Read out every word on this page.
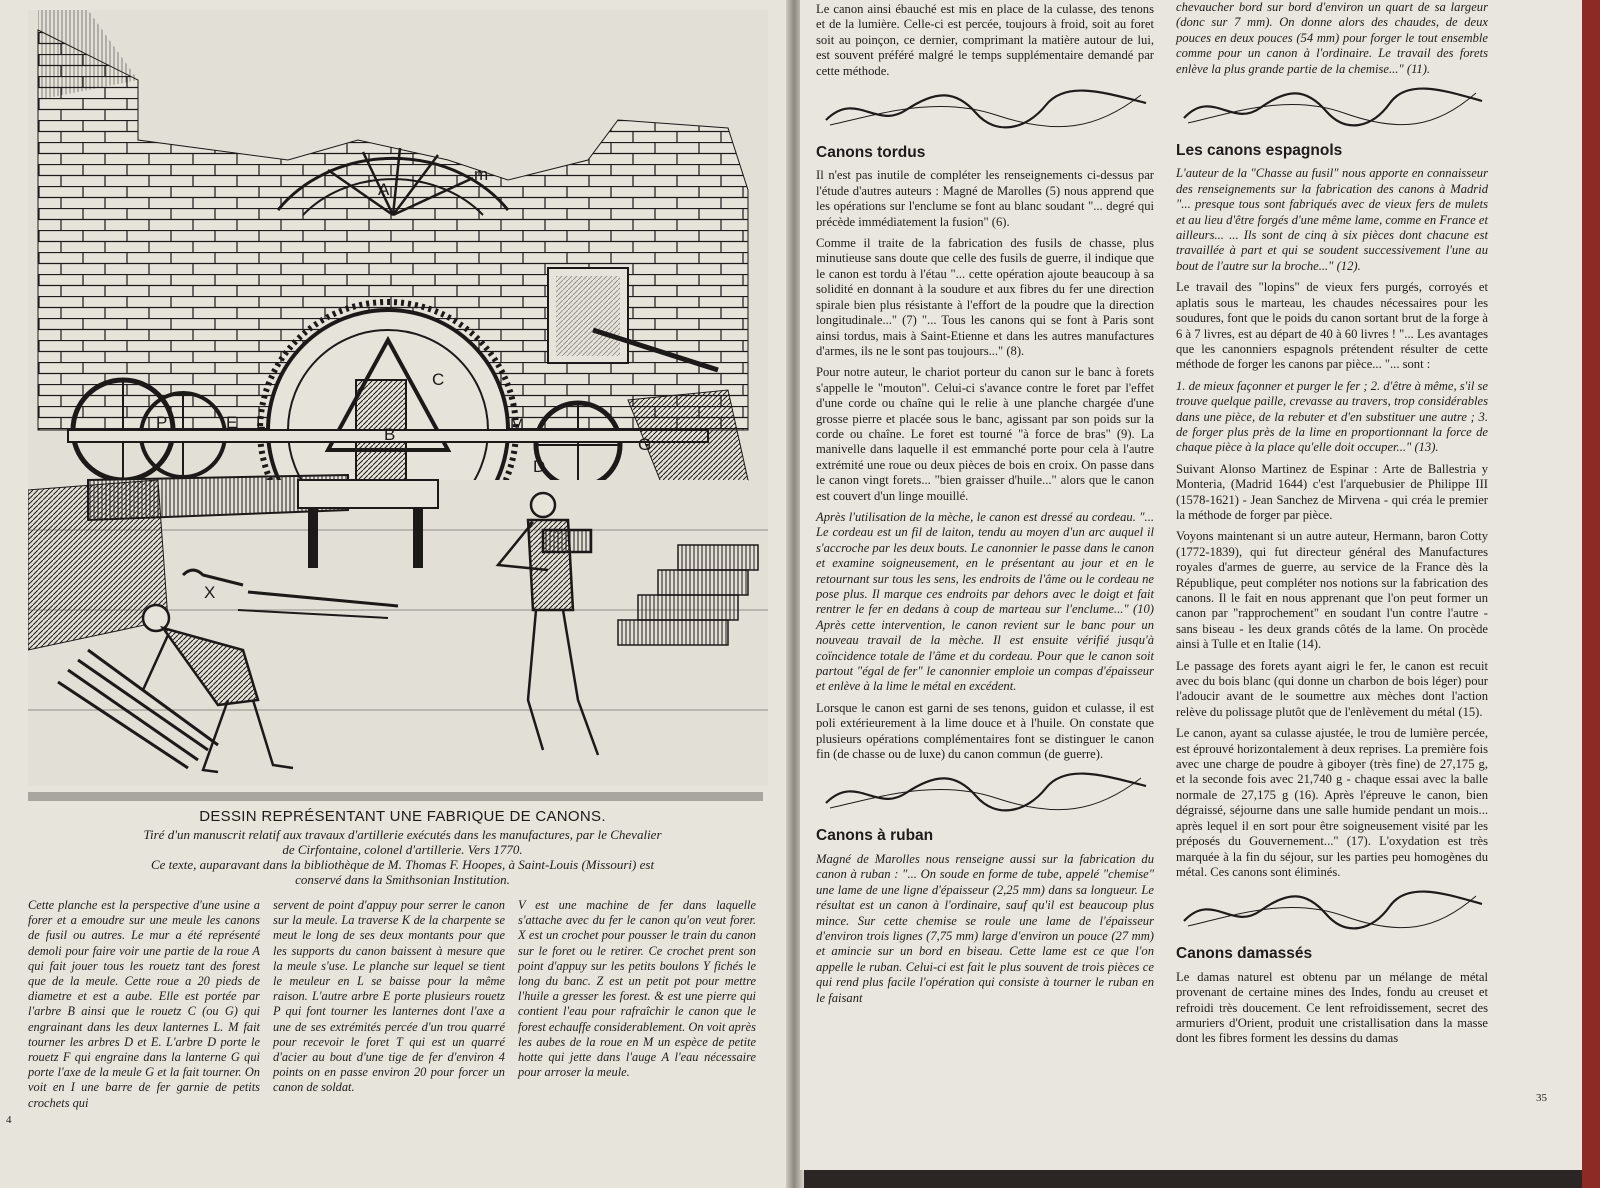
A
m
C
B
P	E L	M
D
G
X

DESSIN REPRÉSENTANT UNE FABRIQUE DE CANONS.

Tiré d'un manuscrit relatif aux travaux d'artillerie exécutés dans les manufactures, par le Chevalier

de Cirfontaine, colonel d'artillerie. Vers 1770.

Ce texte, auparavant dans la bibliothèque de M. Thomas F. Hoopes, à Saint-Louis (Missouri) est

conservé dans la Smithsonian Institution.

Cette planche est la perspective d'une usine a forer et a emoudre sur une meule les canons de fusil ou autres. Le mur a été représenté demoli pour faire voir une partie de la roue A qui fait jouer tous les rouetz tant des forest que de la meule. Cette roue a 20 pieds de diametre et est a aube. Elle est portée par l'arbre B ainsi que le rouetz C (ou G) qui engrainant dans les deux lanternes L. M fait tourner les arbres D et E. L'arbre D porte le rouetz F qui engraine dans la lanterne G qui porte l'axe de la meule G et la fait tourner. On voit en I une barre de fer garnie de petits crochets qui
servent de point d'appuy pour serrer le canon sur la meule. La traverse K de la charpente se meut le long de ses deux montants pour que les supports du canon baissent à mesure que la meule s'use. Le planche sur lequel se tient le meuleur en L se baisse pour la même raison. L'autre arbre E porte plusieurs rouetz P qui font tourner les lanternes dont l'axe a une de ses extrémités percée d'un trou quarré pour recevoir le foret T qui est un quarré d'acier au bout d'une tige de fer d'environ 4 points on en passe environ 20 pour forcer un canon de soldat.
V est une machine de fer dans laquelle s'attache avec du fer le canon qu'on veut forer. X est un crochet pour pousser le train du canon sur le foret ou le retirer. Ce crochet prent son point d'appuy sur les petits boulons Y fichés le long du banc. Z est un petit pot pour mettre l'huile a gresser les forest. & est une pierre qui contient l'eau pour rafraîchir le canon que le forest echauffe considerablement. On voit après les aubes de la roue en M un espèce de petite hotte qui jette dans l'auge A l'eau nécessaire pour arroser la meule.
4

Le canon ainsi ébauché est mis en place de la culasse, des tenons et de la lumière. Celle-ci est percée, toujours à froid, soit au foret soit au poinçon, ce dernier, comprimant la matière autour de lui, est souvent préféré malgré le temps supplémentaire demandé par cette méthode.

Canons tordus

Il n'est pas inutile de compléter les renseignements ci-dessus par l'étude d'autres auteurs : Magné de Marolles (5) nous apprend que les opérations sur l'enclume se font au blanc soudant "... degré qui précède immédiatement la fusion" (6).

Comme il traite de la fabrication des fusils de chasse, plus minutieuse sans doute que celle des fusils de guerre, il indique que le canon est tordu à l'étau "... cette opération ajoute beaucoup à sa solidité en donnant à la soudure et aux fibres du fer une direction spirale bien plus résistante à l'effort de la poudre que la direction longitudinale..." (7) "... Tous les canons qui se font à Paris sont ainsi tordus, mais à Saint-Etienne et dans les autres manufactures d'armes, ils ne le sont pas toujours..." (8).

Pour notre auteur, le chariot porteur du canon sur le banc à forets s'appelle le "mouton". Celui-ci s'avance contre le foret par l'effet d'une corde ou chaîne qui le relie à une planche chargée d'une grosse pierre et placée sous le banc, agissant par son poids sur la corde ou chaîne. Le foret est tourné "à force de bras" (9). La manivelle dans laquelle il est emmanché porte pour cela à l'autre extrémité une roue ou deux pièces de bois en croix. On passe dans le canon vingt forets... "bien graisser d'huile..." alors que le canon est couvert d'un linge mouillé.

Après l'utilisation de la mèche, le canon est dressé au cordeau. "... Le cordeau est un fil de laiton, tendu au moyen d'un arc auquel il s'accroche par les deux bouts. Le canonnier le passe dans le canon et examine soigneusement, en le présentant au jour et en le retournant sur tous les sens, les endroits de l'âme ou le cordeau ne pose plus. Il marque ces endroits par dehors avec le doigt et fait rentrer le fer en dedans à coup de marteau sur l'enclume..." (10) Après cette intervention, le canon revient sur le banc pour un nouveau travail de la mèche. Il est ensuite vérifié jusqu'à coïncidence totale de l'âme et du cordeau. Pour que le canon soit partout "égal de fer" le canonnier emploie un compas d'épaisseur et enlève à la lime le métal en excédent.

Lorsque le canon est garni de ses tenons, guidon et culasse, il est poli extérieurement à la lime douce et à l'huile. On constate que plusieurs opérations complémentaires font se distinguer le canon fin (de chasse ou de luxe) du canon commun (de guerre).

Canons à ruban

Magné de Marolles nous renseigne aussi sur la fabrication du canon à ruban : "... On soude en forme de tube, appelé "chemise" une lame de une ligne d'épaisseur (2,25 mm) dans sa longueur. Le résultat est un canon à l'ordinaire, sauf qu'il est beaucoup plus mince. Sur cette chemise se roule une lame de l'épaisseur d'environ trois lignes (7,75 mm) large d'environ un pouce (27 mm) et amincie sur un bord en biseau. Cette lame est ce que l'on appelle le ruban. Celui-ci est fait le plus souvent de trois pièces ce qui rend plus facile l'opération qui consiste à tourner le ruban en le faisant

chevaucher bord sur bord d'environ un quart de sa largeur (donc sur 7 mm). On donne alors des chaudes, de deux pouces en deux pouces (54 mm) pour forger le tout ensemble comme pour un canon à l'ordinaire. Le travail des forets enlève la plus grande partie de la chemise..." (11).

Les canons espagnols

L'auteur de la "Chasse au fusil" nous apporte en connaisseur des renseignements sur la fabrication des canons à Madrid "... presque tous sont fabriqués avec de vieux fers de mulets et au lieu d'être forgés d'une même lame, comme en France et ailleurs... ... Ils sont de cinq à six pièces dont chacune est travaillée à part et qui se soudent successivement l'une au bout de l'autre sur la broche..." (12).

Le travail des "lopins" de vieux fers purgés, corroyés et aplatis sous le marteau, les chaudes nécessaires pour les soudures, font que le poids du canon sortant brut de la forge à 6 à 7 livres, est au départ de 40 à 60 livres ! "... Les avantages que les canonniers espagnols prétendent résulter de cette méthode de forger les canons par pièce... "... sont :

1. de mieux façonner et purger le fer ; 2. d'être à même, s'il se trouve quelque paille, crevasse au travers, trop considérables dans une pièce, de la rebuter et d'en substituer une autre ; 3. de forger plus près de la lime en proportionnant la force de chaque pièce à la place qu'elle doit occuper..." (13).

Suivant Alonso Martinez de Espinar : Arte de Ballestria y Monteria, (Madrid 1644) c'est l'arquebusier de Philippe III (1578-1621) - Jean Sanchez de Mirvena - qui créa le premier la méthode de forger par pièce.

Voyons maintenant si un autre auteur, Hermann, baron Cotty (1772-1839), qui fut directeur général des Manufactures royales d'armes de guerre, au service de la France dès la République, peut compléter nos notions sur la fabrication des canons. Il le fait en nous apprenant que l'on peut former un canon par "rapprochement" en soudant l'un contre l'autre - sans biseau - les deux grands côtés de la lame. On procède ainsi à Tulle et en Italie (14).

Le passage des forets ayant aigri le fer, le canon est recuit avec du bois blanc (qui donne un charbon de bois léger) pour l'adoucir avant de le soumettre aux mèches dont l'action relève du polissage plutôt que de l'enlèvement du métal (15).

Le canon, ayant sa culasse ajustée, le trou de lumière percée, est éprouvé horizontalement à deux reprises. La première fois avec une charge de poudre à giboyer (très fine) de 27,175 g, et la seconde fois avec 21,740 g - chaque essai avec la balle normale de 27,175 g (16). Après l'épreuve le canon, bien dégraissé, séjourne dans une salle humide pendant un mois... après lequel il en sort pour être soigneusement visité par les préposés du Gouvernement..." (17). L'oxydation est très marquée à la fin du séjour, sur les parties peu homogènes du métal. Ces canons sont éliminés.

Canons damassés

Le damas naturel est obtenu par un mélange de métal provenant de certaine mines des Indes, fondu au creuset et refroidi très doucement. Ce lent refroidissement, secret des armuriers d'Orient, produit une cristallisation dans la masse dont les fibres forment les dessins du damas

35
